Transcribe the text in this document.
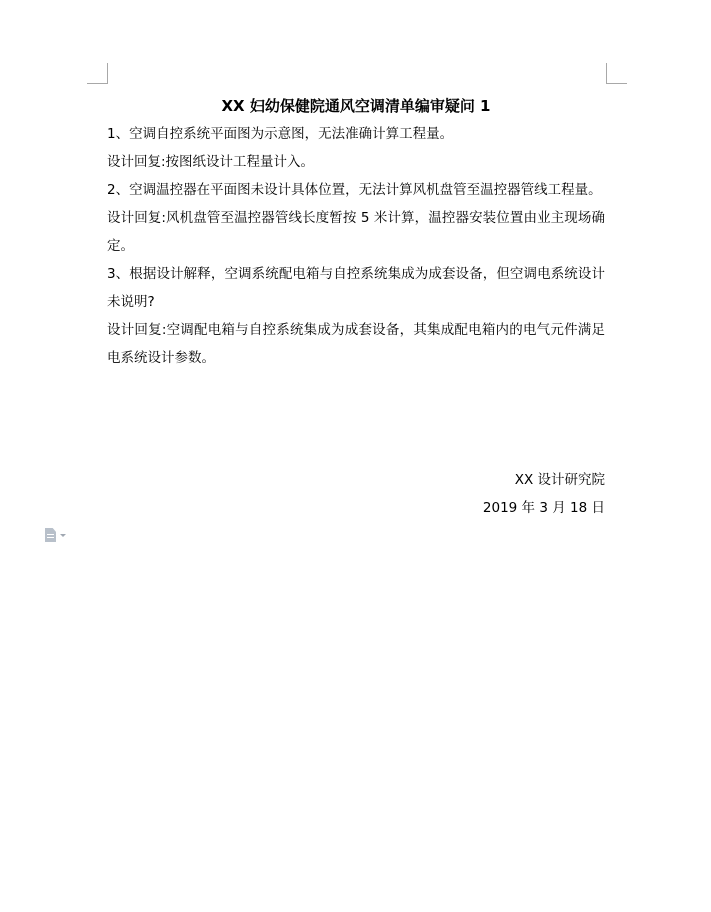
XX 妇幼保健院通风空调清单编审疑问 1

1、空调自控系统平面图为示意图，无法准确计算工程量。

设计回复:按图纸设计工程量计入。

2、空调温控器在平面图未设计具体位置，无法计算风机盘管至温控器管线工程量。

设计回复:风机盘管至温控器管线长度暂按 5 米计算，温控器安装位置由业主现场确定。

3、根据设计解释，空调系统配电箱与自控系统集成为成套设备，但空调电系统设计未说明?

设计回复:空调配电箱与自控系统集成为成套设备，其集成配电箱内的电气元件满足电系统设计参数。

XX 设计研究院
2019 年 3 月 18 日
